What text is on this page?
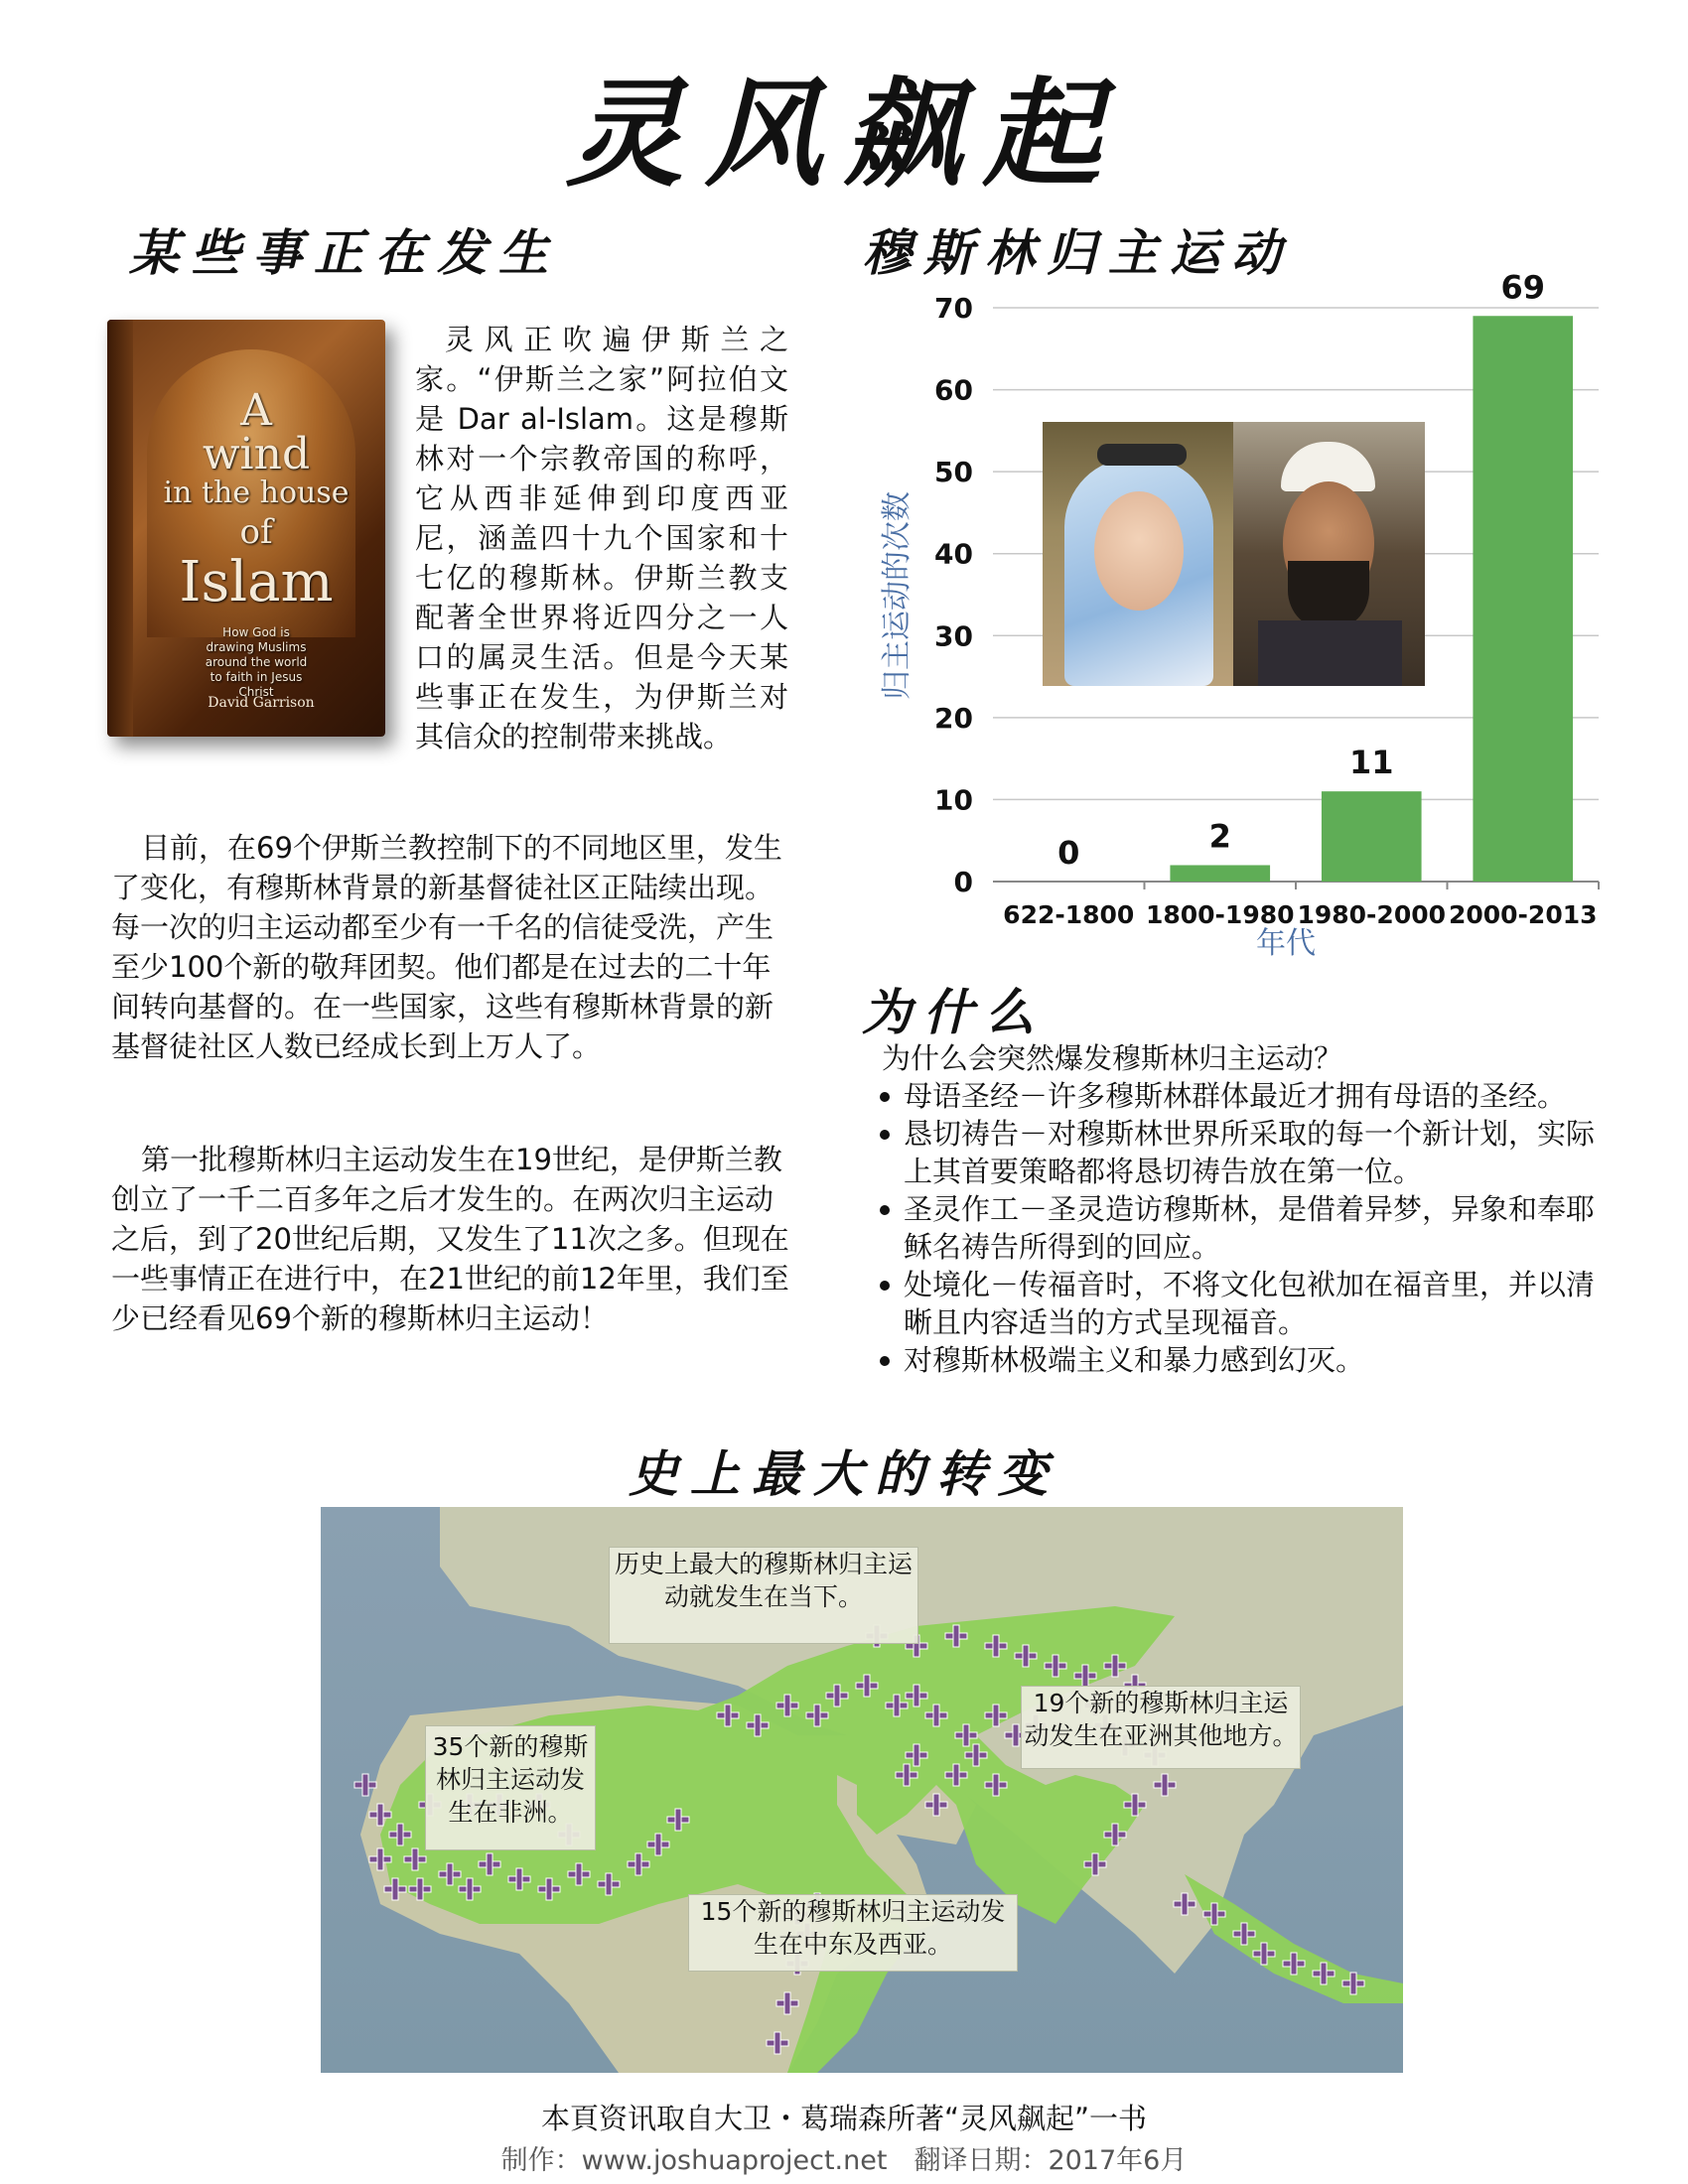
灵风飙起
某些事正在发生
A
wind
in the house
of
Islam
How God is drawing Muslims around the world to faith in Jesus Christ
David Garrison
灵风正吹遍伊斯兰之家。“伊斯兰之家”阿拉伯文是 Dar al-Islam。这是穆斯林对一个宗教帝国的称呼，它从西非延伸到印度西亚尼，涵盖四十九个国家和十七亿的穆斯林。伊斯兰教支配著全世界将近四分之一人口的属灵生活。但是今天某些事正在发生，为伊斯兰对其信众的控制带来挑战。
目前，在69个伊斯兰教控制下的不同地区里，发生了变化，有穆斯林背景的新基督徒社区正陆续出现。每一次的归主运动都至少有一千名的信徒受洗，产生至少100个新的敬拜团契。他们都是在过去的二十年间转向基督的。在一些国家，这些有穆斯林背景的新基督徒社区人数已经成长到上万人了。
第一批穆斯林归主运动发生在19世纪，是伊斯兰教创立了一千二百多年之后才发生的。在两次归主运动之后，到了20世纪后期，又发生了11次之多。但现在一些事情正在进行中，在21世纪的前12年里，我们至少已经看见69个新的穆斯林归主运动！
穆斯林归主运动
0
10
20
30
40
50
60
70
0	2
11
69
622-1800 1800-1980 1980-2000 2000-2013
归主运动的次数
年代
为什么
为什么会突然爆发穆斯林归主运动？
母语圣经－许多穆斯林群体最近才拥有母语的圣经。
恳切祷告－对穆斯林世界所采取的每一个新计划，实际上其首要策略都将恳切祷告放在第一位。
圣灵作工－圣灵造访穆斯林，是借着异梦，异象和奉耶稣名祷告所得到的回应。
处境化－传福音时，不将文化包袱加在福音里，并以清晰且内容适当的方式呈现福音。
对穆斯林极端主义和暴力感到幻灭。
史上最大的转变
历史上最大的穆斯林归主运动就发生在当下。
35个新的穆斯林归主运动发生在非洲。
19个新的穆斯林归主运动发生在亚洲其他地方。
15个新的穆斯林归主运动发生在中东及西亚。
本頁资讯取自大卫・葛瑞森所著“灵风飙起”一书
制作：www.joshuaproject.net　翻译日期：2017年6月
